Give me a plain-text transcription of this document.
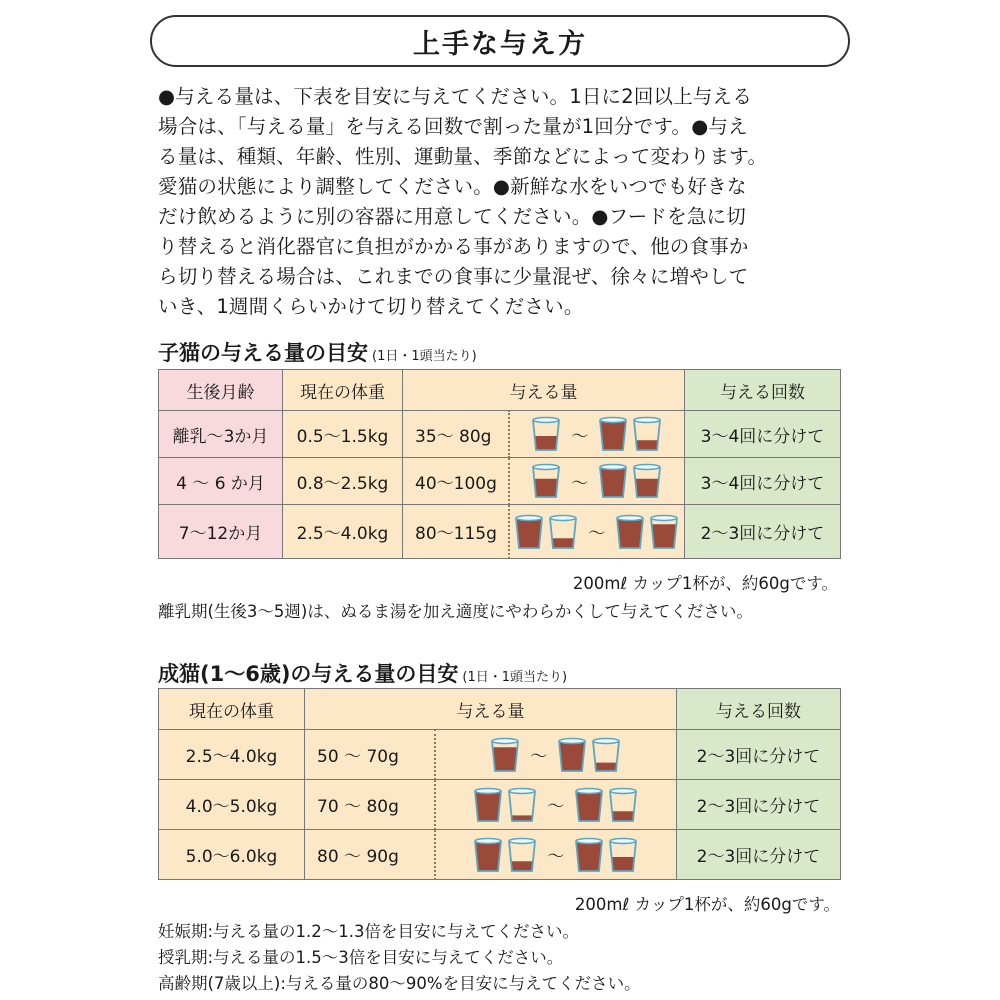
上手な与え方
●与える量は、下表を目安に与えてください。1日に2回以上与える
場合は、「与える量」を与える回数で割った量が1回分です。●与え
る量は、種類、年齢、性別、運動量、季節などによって変わります。
愛猫の状態により調整してください。●新鮮な水をいつでも好きな
だけ飲めるように別の容器に用意してください。●フードを急に切
り替えると消化器官に負担がかかる事がありますので、他の食事か
ら切り替える場合は、これまでの食事に少量混ぜ、徐々に増やして
いき、1週間くらいかけて切り替えてください。
子猫の与える量の目安 (1日・1頭当たり)
生後月齢	現在の体重	与える量		与える回数
離乳〜3か月	0.5〜1.5kg	35〜 80g	〜	3〜4回に分けて
4 〜 6 か月	0.8〜2.5kg	40〜100g	〜	3〜4回に分けて
7〜12か月	2.5〜4.0kg	80〜115g	〜	2〜3回に分けて
200mℓ カップ1杯が、約60gです。
離乳期(生後3〜5週)は、ぬるま湯を加え適度にやわらかくして与えてください。
成猫(1〜6歳)の与える量の目安 (1日・1頭当たり)
現在の体重	与える量		与える回数
2.5〜4.0kg	50 〜 70g	〜	2〜3回に分けて
4.0〜5.0kg	70 〜 80g	〜	2〜3回に分けて
5.0〜6.0kg	80 〜 90g	〜	2〜3回に分けて
200mℓ カップ1杯が、約60gです。
妊娠期:与える量の1.2〜1.3倍を目安に与えてください。
授乳期:与える量の1.5〜3倍を目安に与えてください。
高齢期(7歳以上):与える量の80〜90%を目安に与えてください。
